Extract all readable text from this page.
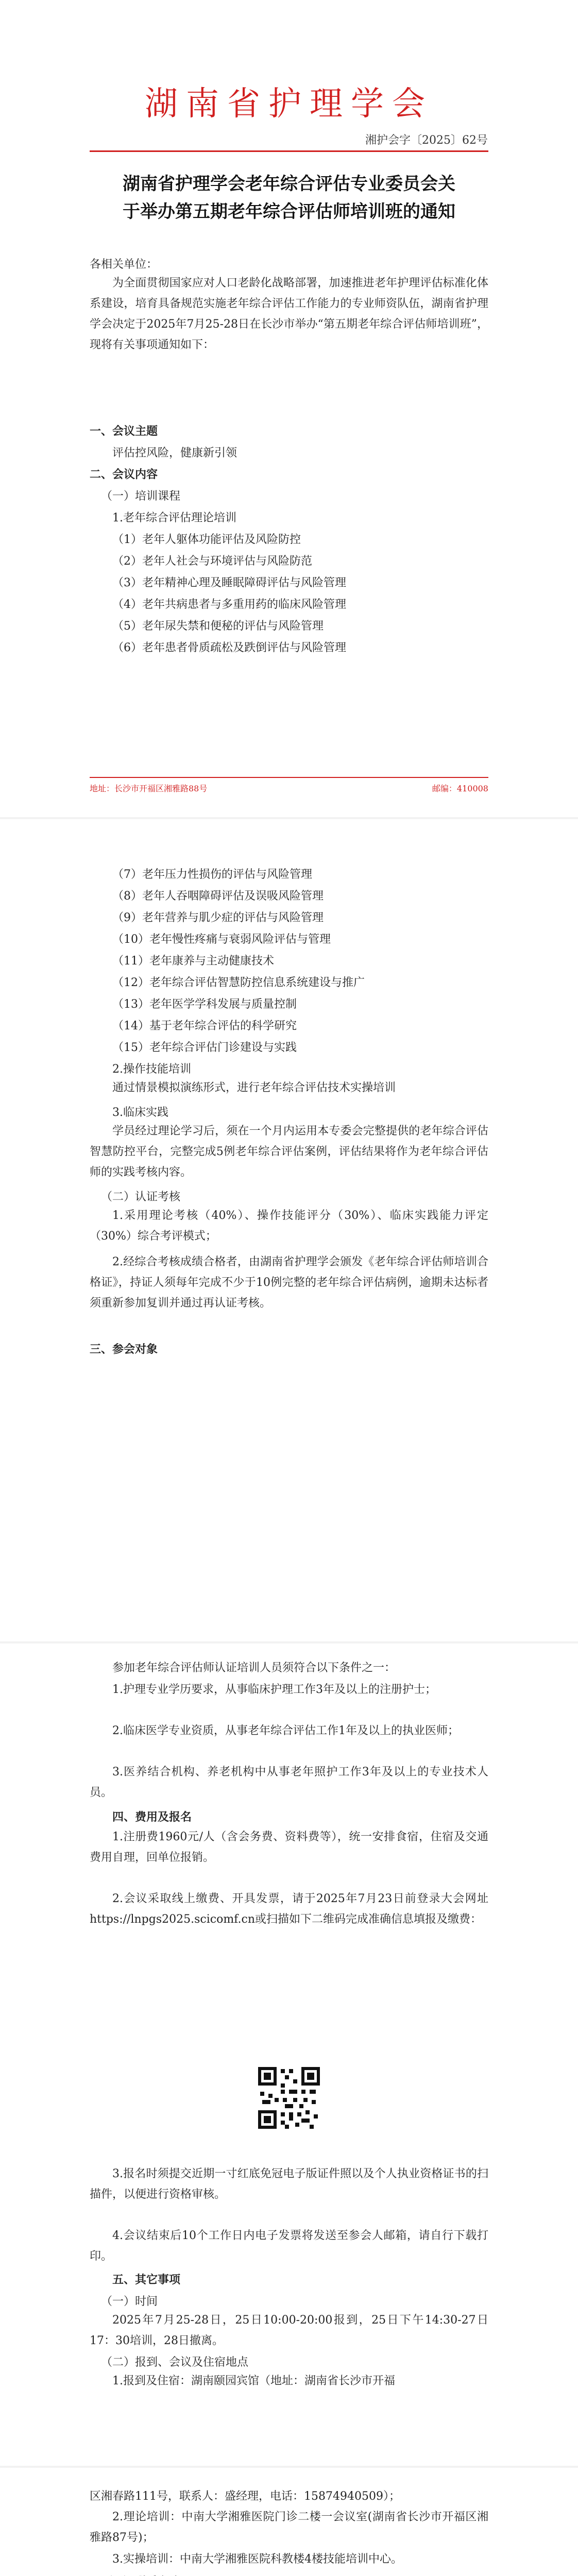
湖南省护理学会
湘护会字〔2025〕62号
湖南省护理学会老年综合评估专业委员会关
于举办第五期老年综合评估师培训班的通知
各相关单位：
为全面贯彻国家应对人口老龄化战略部署，加速推进老年护理评估标准化体系建设，培育具备规范实施老年综合评估工作能力的专业师资队伍，湖南省护理学会决定于2025年7月25-28日在长沙市举办“第五期老年综合评估师培训班”，现将有关事项通知如下：
一、会议主题
评估控风险，健康新引领
二、会议内容
（一）培训课程
1.老年综合评估理论培训
（1）老年人躯体功能评估及风险防控
（2）老年人社会与环境评估与风险防范
（3）老年精神心理及睡眠障碍评估与风险管理
（4）老年共病患者与多重用药的临床风险管理
（5）老年尿失禁和便秘的评估与风险管理
（6）老年患者骨质疏松及跌倒评估与风险管理
地址：长沙市开福区湘雅路88号	邮编：410008
（7）老年压力性损伤的评估与风险管理
（8）老年人吞咽障碍评估及误吸风险管理
（9）老年营养与肌少症的评估与风险管理
（10）老年慢性疼痛与衰弱风险评估与管理
（11）老年康养与主动健康技术
（12）老年综合评估智慧防控信息系统建设与推广
（13）老年医学学科发展与质量控制
（14）基于老年综合评估的科学研究
（15）老年综合评估门诊建设与实践
2.操作技能培训
通过情景模拟演练形式，进行老年综合评估技术实操培训
3.临床实践
学员经过理论学习后，须在一个月内运用本专委会完整提供的老年综合评估智慧防控平台，完整完成5例老年综合评估案例，评估结果将作为老年综合评估师的实践考核内容。
（二）认证考核
1.采用理论考核（40%）、操作技能评分（30%）、临床实践能力评定（30%）综合考评模式；
2.经综合考核成绩合格者，由湖南省护理学会颁发《老年综合评估师培训合格证》，持证人须每年完成不少于10例完整的老年综合评估病例，逾期未达标者须重新参加复训并通过再认证考核。
三、参会对象
参加老年综合评估师认证培训人员须符合以下条件之一：
1.护理专业学历要求，从事临床护理工作3年及以上的注册护士；
2.临床医学专业资质，从事老年综合评估工作1年及以上的执业医师；
3.医养结合机构、养老机构中从事老年照护工作3年及以上的专业技术人员。
四、费用及报名
1.注册费1960元/人（含会务费、资料费等），统一安排食宿，住宿及交通费用自理，回单位报销。
2.会议采取线上缴费、开具发票，请于2025年7月23日前登录大会网址https://lnpgs2025.scicomf.cn或扫描如下二维码完成准确信息填报及缴费：
3.报名时须提交近期一寸红底免冠电子版证件照以及个人执业资格证书的扫描件，以便进行资格审核。
4.会议结束后10个工作日内电子发票将发送至参会人邮箱，请自行下载打印。
五、其它事项
（一）时间
2025年7月25-28日，25日10:00-20:00报到，25日下午14:30-27日17：30培训，28日撤离。
（二）报到、会议及住宿地点
1.报到及住宿：湖南颐园宾馆（地址：湖南省长沙市开福
区湘春路111号，联系人：盛经理，电话：15874940509）；
2.理论培训：中南大学湘雅医院门诊二楼一会议室(湖南省长沙市开福区湘雅路87号)；
3.实操培训：中南大学湘雅医院科教楼4楼技能培训中心。
